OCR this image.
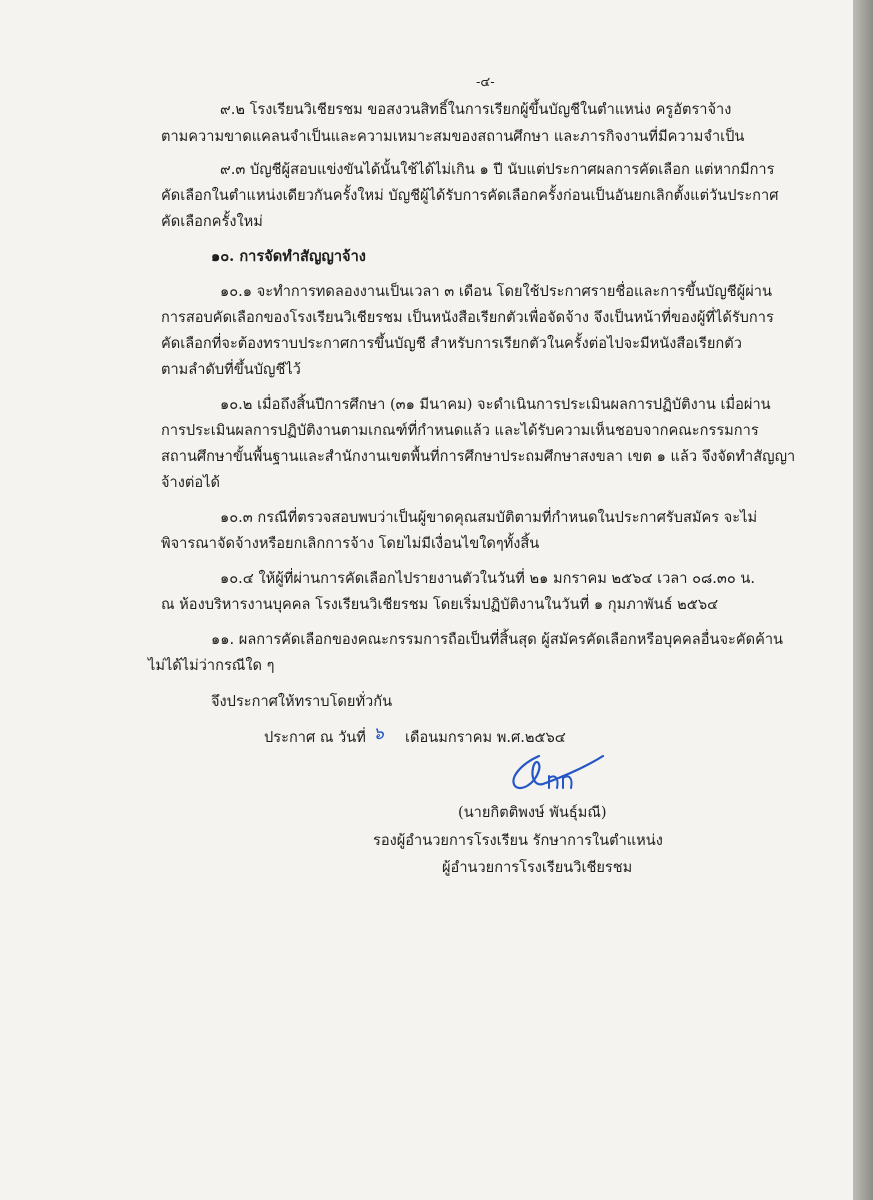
-๔-

๙.๒ โรงเรียนวิเชียรชม ขอสงวนสิทธิ์ในการเรียกผู้ขึ้นบัญชีในตำแหน่ง ครูอัตราจ้าง

ตามความขาดแคลนจำเป็นและความเหมาะสมของสถานศึกษา และภารกิจงานที่มีความจำเป็น

๙.๓ บัญชีผู้สอบแข่งขันได้นั้นใช้ได้ไม่เกิน ๑ ปี นับแต่ประกาศผลการคัดเลือก แต่หากมีการ

คัดเลือกในตำแหน่งเดียวกันครั้งใหม่ บัญชีผู้ได้รับการคัดเลือกครั้งก่อนเป็นอันยกเลิกตั้งแต่วันประกาศ

คัดเลือกครั้งใหม่

๑๐. การจัดทำสัญญาจ้าง

๑๐.๑ จะทำการทดลองงานเป็นเวลา ๓ เดือน โดยใช้ประกาศรายชื่อและการขึ้นบัญชีผู้ผ่าน

การสอบคัดเลือกของโรงเรียนวิเชียรชม เป็นหนังสือเรียกตัวเพื่อจัดจ้าง จึงเป็นหน้าที่ของผู้ที่ได้รับการ

คัดเลือกที่จะต้องทราบประกาศการขึ้นบัญชี สำหรับการเรียกตัวในครั้งต่อไปจะมีหนังสือเรียกตัว

ตามลำดับที่ขึ้นบัญชีไว้

๑๐.๒ เมื่อถึงสิ้นปีการศึกษา (๓๑ มีนาคม) จะดำเนินการประเมินผลการปฏิบัติงาน เมื่อผ่าน

การประเมินผลการปฏิบัติงานตามเกณฑ์ที่กำหนดแล้ว และได้รับความเห็นชอบจากคณะกรรมการ

สถานศึกษาขั้นพื้นฐานและสำนักงานเขตพื้นที่การศึกษาประถมศึกษาสงขลา เขต ๑ แล้ว จึงจัดทำสัญญา

จ้างต่อได้

๑๐.๓ กรณีที่ตรวจสอบพบว่าเป็นผู้ขาดคุณสมบัติตามที่กำหนดในประกาศรับสมัคร จะไม่

พิจารณาจัดจ้างหรือยกเลิกการจ้าง โดยไม่มีเงื่อนไขใดๆทั้งสิ้น

๑๐.๔ ให้ผู้ที่ผ่านการคัดเลือกไปรายงานตัวในวันที่ ๒๑ มกราคม ๒๕๖๔ เวลา ๐๘.๓๐ น.

ณ ห้องบริหารงานบุคคล โรงเรียนวิเชียรชม โดยเริ่มปฏิบัติงานในวันที่ ๑ กุมภาพันธ์ ๒๕๖๔

๑๑. ผลการคัดเลือกของคณะกรรมการถือเป็นที่สิ้นสุด ผู้สมัครคัดเลือกหรือบุคคลอื่นจะคัดค้าน

ไม่ได้ไม่ว่ากรณีใด ๆ

จึงประกาศให้ทราบโดยทั่วกัน

ประกาศ ณ วันที่ ๖ เดือนมกราคม พ.ศ.๒๕๖๔

(นายกิตติพงษ์ พันธ์ุมณี)

รองผู้อำนวยการโรงเรียน รักษาการในตำแหน่ง

ผู้อำนวยการโรงเรียนวิเชียรชม
